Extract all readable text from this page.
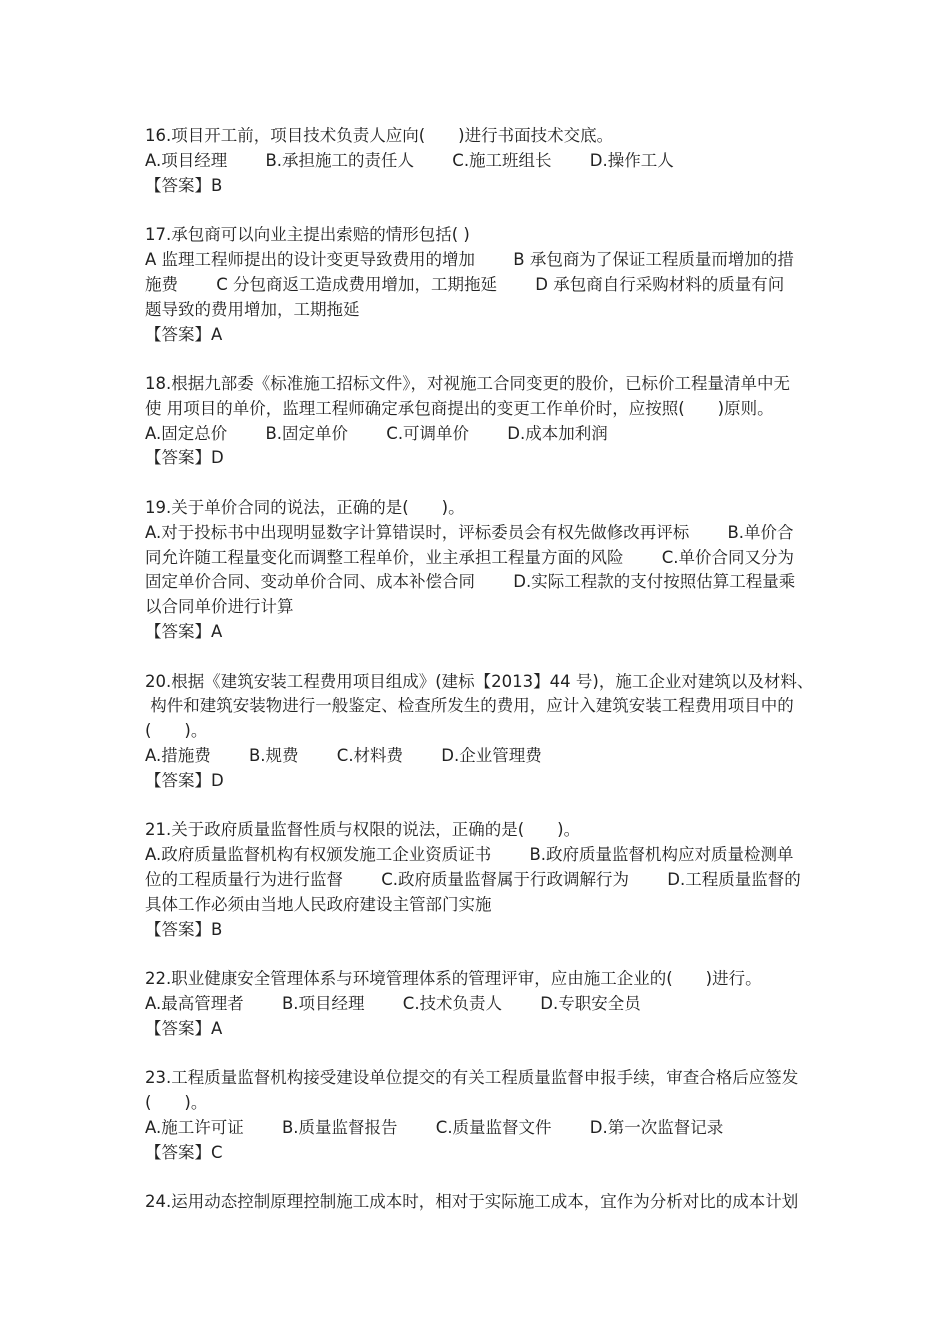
16.项目开工前，项目技术负责人应向(　　)进行书面技术交底。
A.项目经理　　 B.承担施工的责任人　　 C.施工班组长　　 D.操作工人
【答案】B
17.承包商可以向业主提出索赔的情形包括( )
A 监理工程师提出的设计变更导致费用的增加　　 B 承包商为了保证工程质量而增加的措
施费　　 C 分包商返工造成费用增加，工期拖延　　 D 承包商自行采购材料的质量有问
题导致的费用增加，工期拖延
【答案】A
18.根据九部委《标准施工招标文件》，对视施工合同变更的股价，已标价工程量清单中无
使 用项目的单价，监理工程师确定承包商提出的变更工作单价时，应按照(　　)原则。
A.固定总价　　 B.固定单价　　 C.可调单价　　 D.成本加利润
【答案】D
19.关于单价合同的说法，正确的是(　　)。
A.对于投标书中出现明显数字计算错误时，评标委员会有权先做修改再评标　　 B.单价合
同允许随工程量变化而调整工程单价，业主承担工程量方面的风险　　 C.单价合同又分为
固定单价合同、变动单价合同、成本补偿合同　　 D.实际工程款的支付按照估算工程量乘
以合同单价进行计算
【答案】A
20.根据《建筑安装工程费用项目组成》(建标【2013】44 号)，施工企业对建筑以及材料、
构件和建筑安装物进行一般鉴定、检查所发生的费用，应计入建筑安装工程费用项目中的
(　　)。
A.措施费　　 B.规费　　 C.材料费　　 D.企业管理费
【答案】D
21.关于政府质量监督性质与权限的说法，正确的是(　　)。
A.政府质量监督机构有权颁发施工企业资质证书　　 B.政府质量监督机构应对质量检测单
位的工程质量行为进行监督　　 C.政府质量监督属于行政调解行为　　 D.工程质量监督的
具体工作必须由当地人民政府建设主管部门实施
【答案】B
22.职业健康安全管理体系与环境管理体系的管理评审，应由施工企业的(　　)进行。
A.最高管理者　　 B.项目经理　　 C.技术负责人　　 D.专职安全员
【答案】A
23.工程质量监督机构接受建设单位提交的有关工程质量监督申报手续，审查合格后应签发
(　　)。
A.施工许可证　　 B.质量监督报告　　 C.质量监督文件　　 D.第一次监督记录
【答案】C
24.运用动态控制原理控制施工成本时，相对于实际施工成本，宜作为分析对比的成本计划
